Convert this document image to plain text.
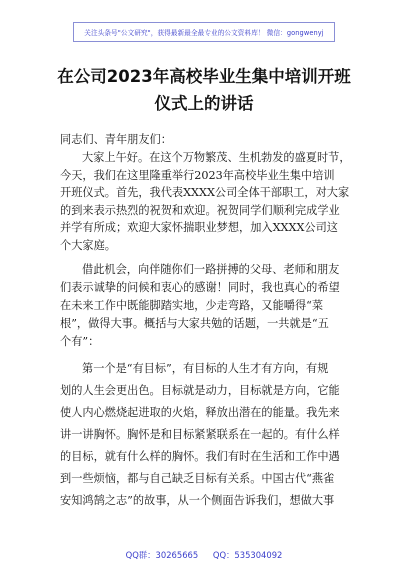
关注头条号"公文研究"，获得最新最全最专业的公文资料库！ 微信：gongwenyj
在公司2023年高校毕业生集中培训开班
仪式上的讲话
同志们、青年朋友们：
大家上午好。在这个万物繁茂、生机勃发的盛夏时节，
今天，我们在这里隆重举行2023年高校毕业生集中培训
开班仪式。首先，我代表XXXX公司全体干部职工，对大家
的到来表示热烈的祝贺和欢迎。祝贺同学们顺利完成学业
并学有所成；欢迎大家怀揣职业梦想，加入XXXX公司这
个大家庭。
借此机会，向伴随你们一路拼搏的父母、老师和朋友
们表示诚挚的问候和衷心的感谢！同时，我也真心的希望
在未来工作中既能脚踏实地，少走弯路，又能嚼得“菜
根”，做得大事。概括与大家共勉的话题，一共就是“五
个有”：
第一个是“有目标”，有目标的人生才有方向，有规
划的人生会更出色。目标就是动力，目标就是方向，它能
使人内心燃烧起进取的火焰，释放出潜在的能量。我先来
讲一讲胸怀。胸怀是和目标紧紧联系在一起的。有什么样
的目标，就有什么样的胸怀。我们有时在生活和工作中遇
到一些烦恼，都与自己缺乏目标有关系。中国古代“燕雀
安知鸿鹄之志”的故事，从一个侧面告诉我们，想做大事
QQ群：30265665 QQ：535304092
